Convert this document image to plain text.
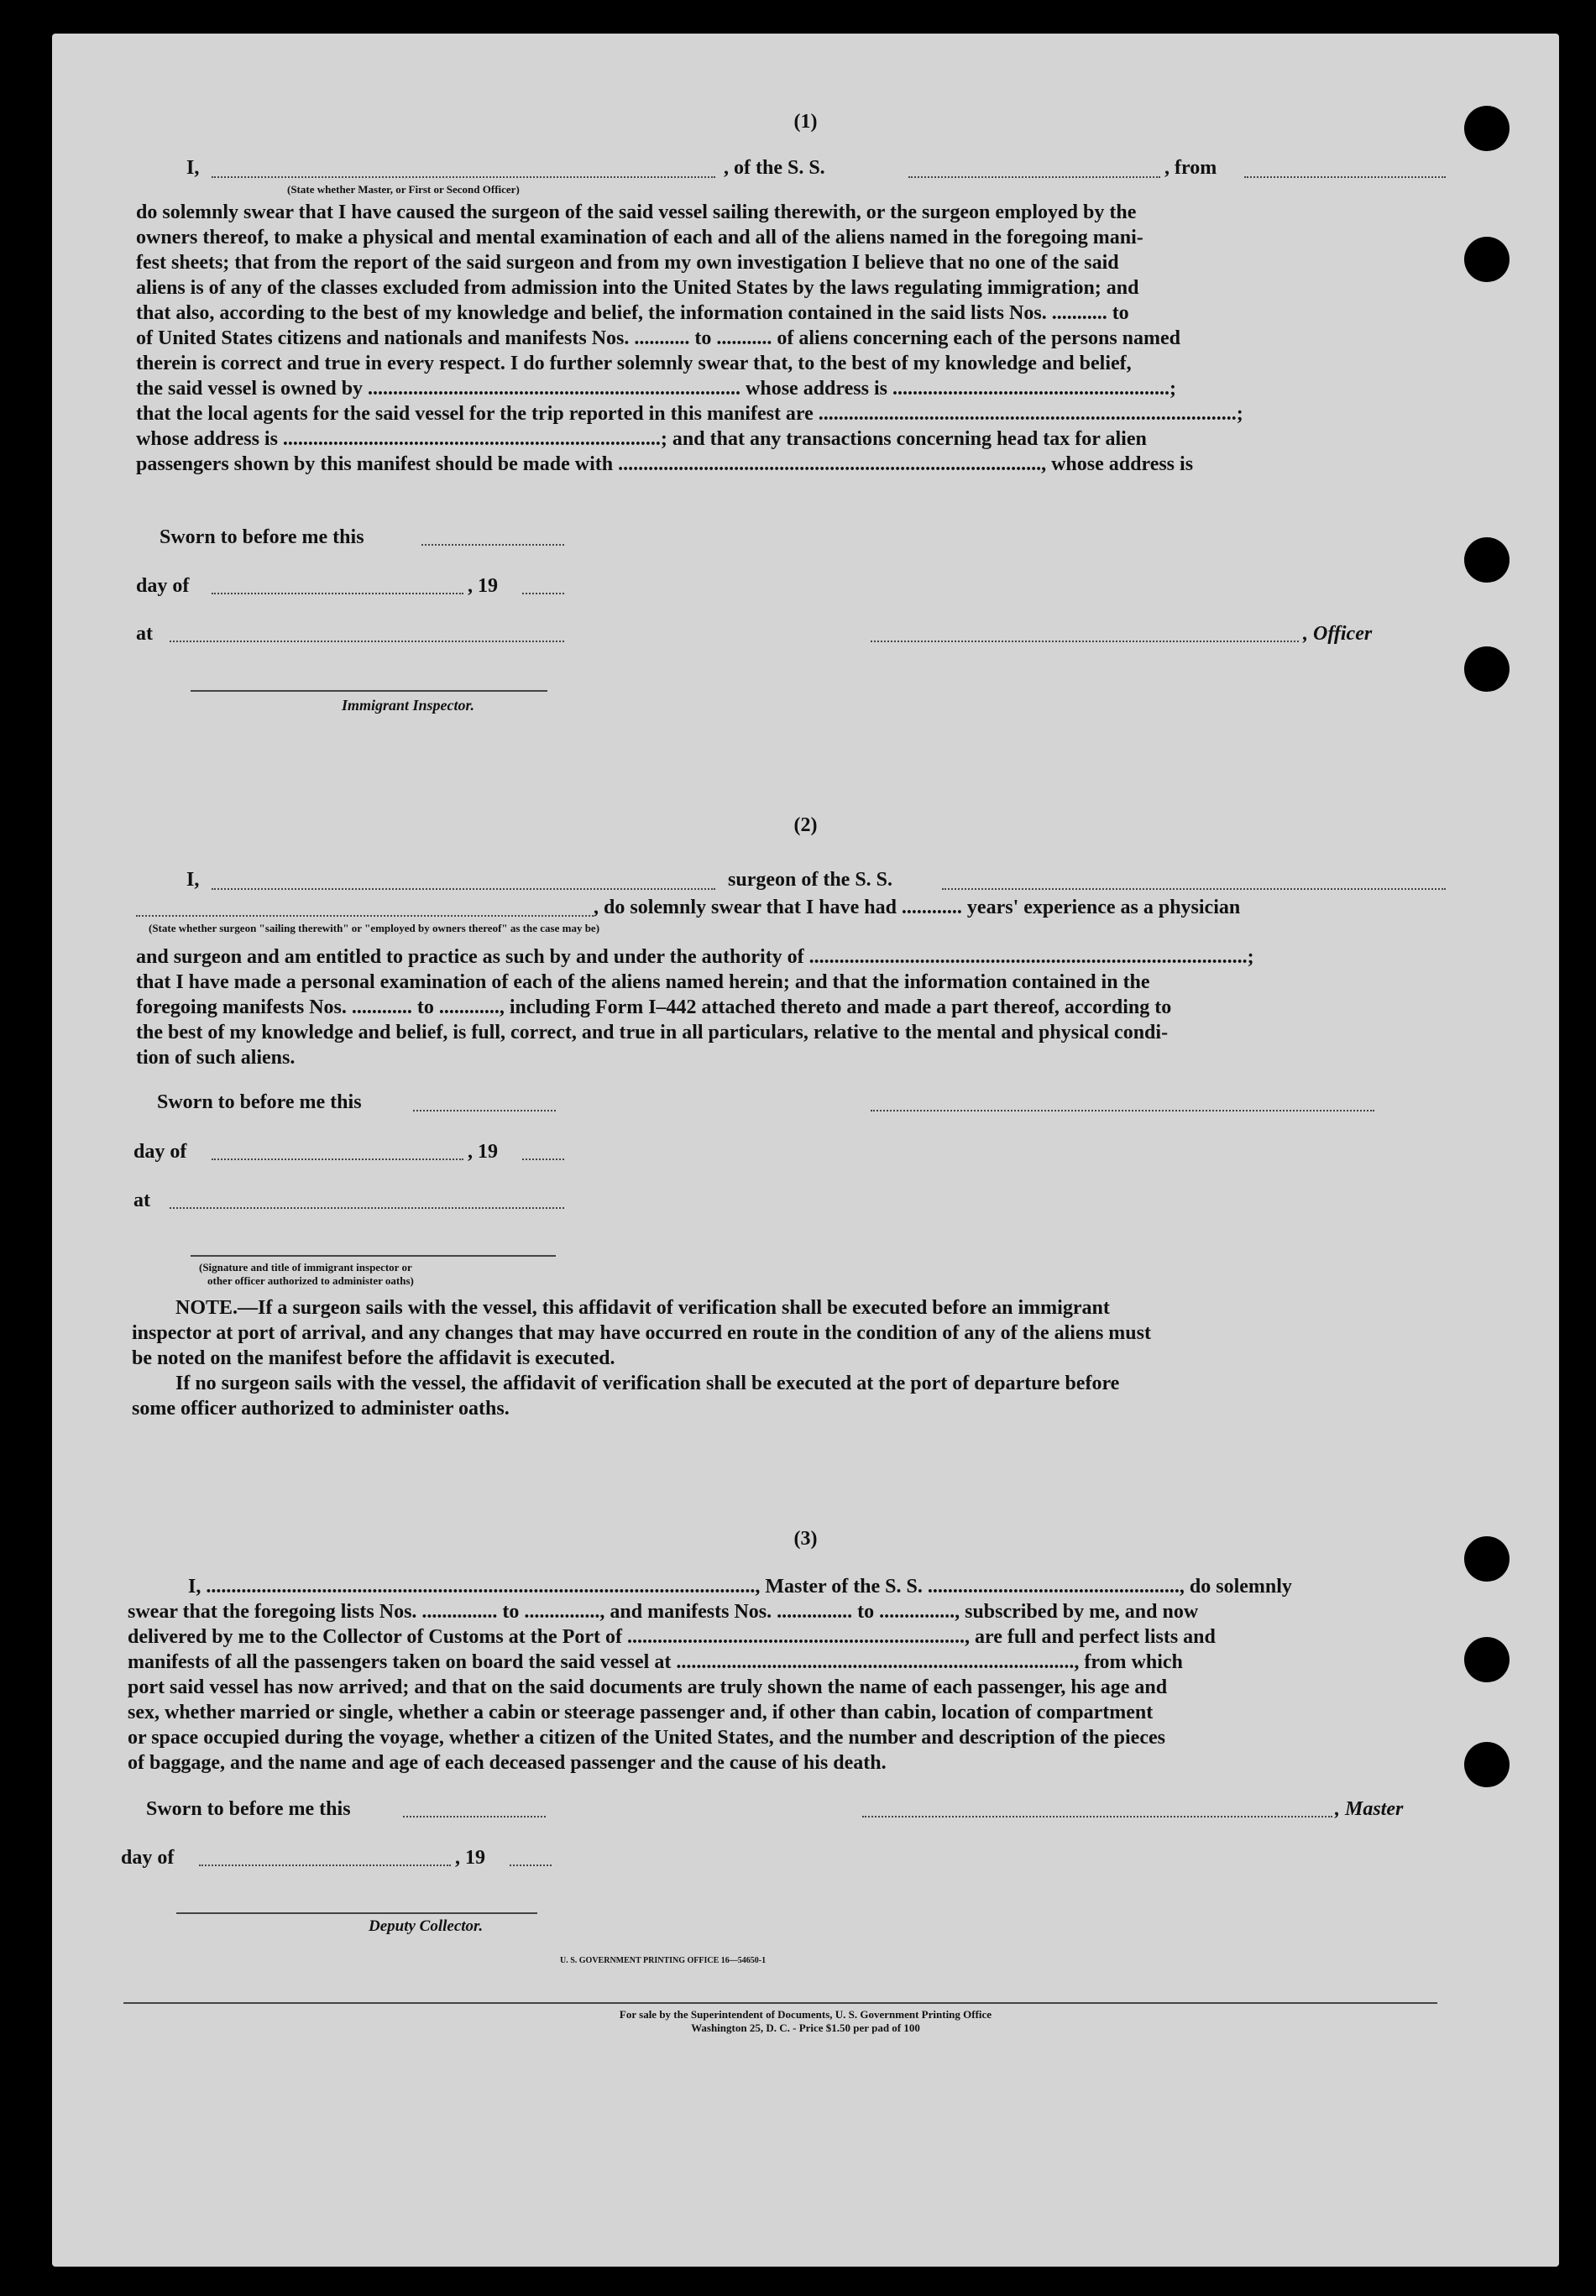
(1)
I,	, of the S. S.	, from
(State whether Master, or First or Second Officer)
do solemnly swear that I have caused the surgeon of the said vessel sailing therewith, or the surgeon employed by the
owners thereof, to make a physical and mental examination of each and all of the aliens named in the foregoing mani-
fest sheets; that from the report of the said surgeon and from my own investigation I believe that no one of the said
aliens is of any of the classes excluded from admission into the United States by the laws regulating immigration; and
that also, according to the best of my knowledge and belief, the information contained in the said lists Nos. ........... to
of United States citizens and nationals and manifests Nos. ........... to ........... of aliens concerning each of the persons named
therein is correct and true in every respect. I do further solemnly swear that, to the best of my knowledge and belief,
the said vessel is owned by .......................................................................... whose address is .......................................................;
that the local agents for the said vessel for the trip reported in this manifest are ...................................................................................;
whose address is ...........................................................................; and that any transactions concerning head tax for alien
passengers shown by this manifest should be made with ...................................................................................., whose address is
Sworn to before me this
day of	, 19
at	, Officer
Immigrant Inspector.
(2)
I,	surgeon of the S. S.
, do solemnly swear that I have had ............ years' experience as a physician
(State whether surgeon "sailing therewith" or "employed by owners thereof" as the case may be)
and surgeon and am entitled to practice as such by and under the authority of .......................................................................................;
that I have made a personal examination of each of the aliens named herein; and that the information contained in the
foregoing manifests Nos. ............ to ............, including Form I–442 attached thereto and made a part thereof, according to
the best of my knowledge and belief, is full, correct, and true in all particulars, relative to the mental and physical condi-
tion of such aliens.
Sworn to before me this
day of	, 19
at
(Signature and title of immigrant inspector or
other officer authorized to administer oaths)
NOTE.—If a surgeon sails with the vessel, this affidavit of verification shall be executed before an immigrant
inspector at port of arrival, and any changes that may have occurred en route in the condition of any of the aliens must
be noted on the manifest before the affidavit is executed.
If no surgeon sails with the vessel, the affidavit of verification shall be executed at the port of departure before
some officer authorized to administer oaths.
(3)
I, ............................................................................................................., Master of the S. S. .................................................., do solemnly
swear that the foregoing lists Nos. ............... to ..............., and manifests Nos. ............... to ..............., subscribed by me, and now
delivered by me to the Collector of Customs at the Port of ..................................................................., are full and perfect lists and
manifests of all the passengers taken on board the said vessel at ..............................................................................., from which
port said vessel has now arrived; and that on the said documents are truly shown the name of each passenger, his age and
sex, whether married or single, whether a cabin or steerage passenger and, if other than cabin, location of compartment
or space occupied during the voyage, whether a citizen of the United States, and the number and description of the pieces
of baggage, and the name and age of each deceased passenger and the cause of his death.
Sworn to before me this	, Master
day of	, 19
Deputy Collector.
U. S. GOVERNMENT PRINTING OFFICE 16—54650-1
For sale by the Superintendent of Documents, U. S. Government Printing Office
Washington 25, D. C. - Price $1.50 per pad of 100
